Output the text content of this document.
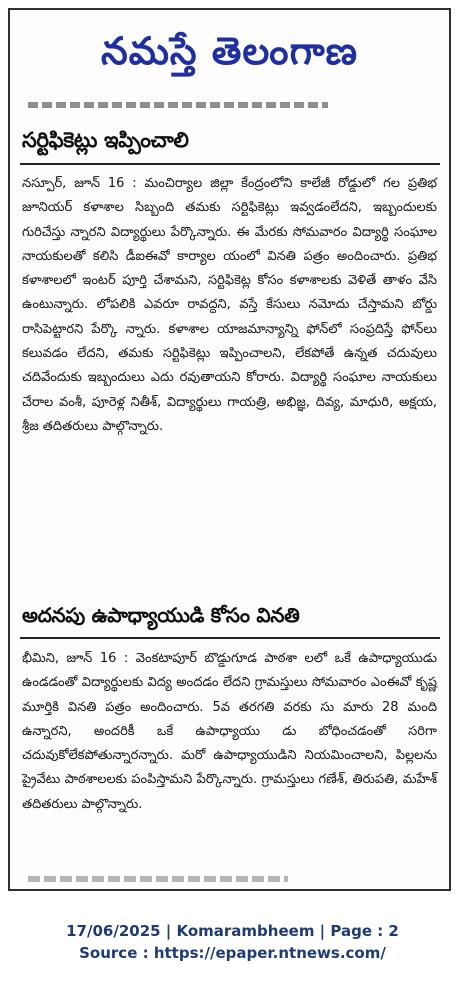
నమస్తే తెలంగాణ
సర్టిఫికెట్లు ఇప్పించాలి
నస్పూర్, జూన్ 16 : మంచిర్యాల జిల్లా కేంద్రంలోని కాలేజీ రోడ్డులో గల ప్రతిభ జూనియర్ కళాశాల సిబ్బంది తమకు సర్టిఫికెట్లు ఇవ్వడంలేదని, ఇబ్బందులకు గురిచేస్తు న్నారని విద్యార్థులు పేర్కొన్నారు. ఈ మేరకు సోమవారం విద్యార్థి సంఘాల నాయకులతో కలిసి డీఐఈవో కార్యాల యంలో వినతి పత్రం అందించారు. ప్రతిభ కళాశాలలో ఇంటర్ పూర్తి చేశామని, సర్టిఫికెట్ల కోసం కళాశాలకు వెళితే తాళం వేసి ఉంటున్నారు. లోపలికి ఎవరూ రావద్దని, వస్తే కేసులు నమోదు చేస్తామని బోర్డు రాసిపెట్టారని పేర్కొ న్నారు. కళాశాల యాజమాన్యాన్ని ఫోన్‌లో సంప్రదిస్తే ఫోన్‌లు కలువడం లేదని, తమకు సర్టిఫికెట్లు ఇప్పించాలని, లేకపోతే ఉన్నత చదువులు చదివేందుకు ఇబ్బందులు ఎదు రవుతాయని కోరారు. విద్యార్థి సంఘాల నాయకులు చేరాల వంశీ, పూరెళ్ల నితీశ్, విద్యార్థులు గాయత్రి, అభిజ్ఞ, దివ్య, మాధురి, అక్షయ, శ్రీజ తదితరులు పాల్గొన్నారు.
అదనపు ఉపాధ్యాయుడి కోసం వినతి
భీమిని, జూన్ 16 : వెంకటాపూర్ బొడ్డుగూడ పాఠశా లలో ఒకే ఉపాధ్యాయుడు ఉండడంతో విద్యార్థులకు విద్య అందడం లేదని గ్రామస్తులు సోమవారం ఎంఈవో కృష్ణ మూర్తికి వినతి పత్రం అందించారు. 5వ తరగతి వరకు సు మారు 28 మంది ఉన్నారని, అందరికీ ఒకే ఉపాధ్యాయు డు బోధించడంతో సరిగా చదువుకోలేకపోతున్నారన్నారు. మరో ఉపాధ్యాయుడిని నియమించాలని, పిల్లలను ప్రైవేటు పాఠశాలలకు పంపిస్తామని పేర్కొన్నారు. గ్రామస్తులు గణేశ్, తిరుపతి, మహేశ్ తదితరులు పాల్గొన్నారు.
17/06/2025 | Komarambheem | Page : 2
Source : https://epaper.ntnews.com/
